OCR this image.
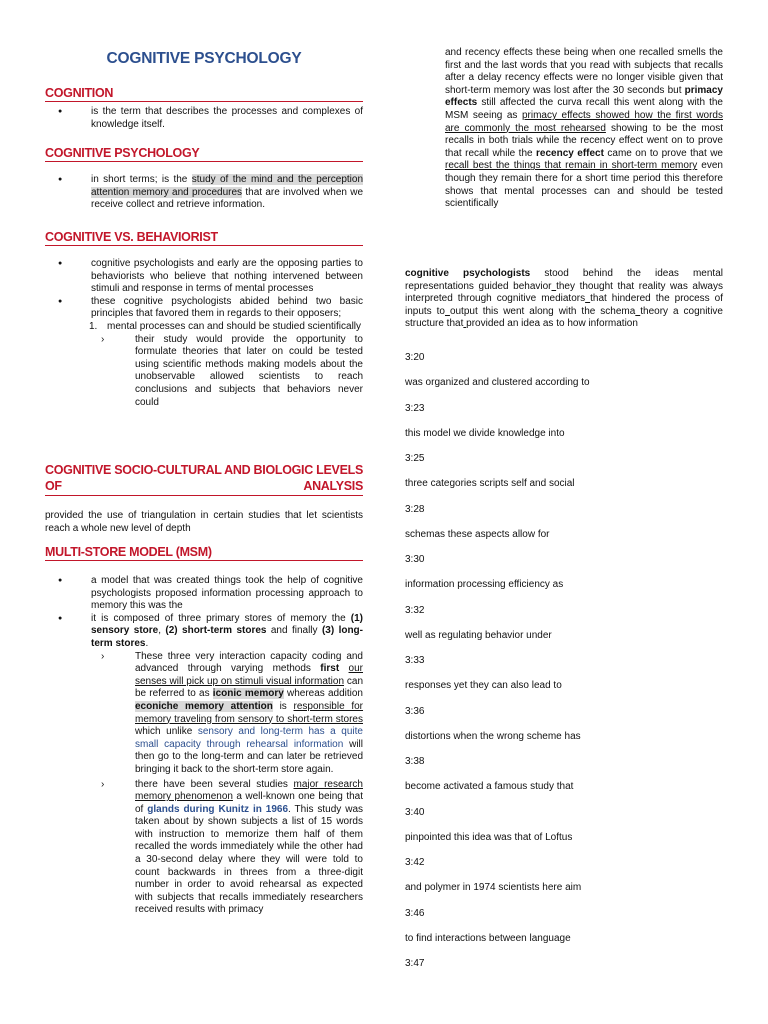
COGNITIVE PSYCHOLOGY
COGNITION
● is the term that describes the processes and complexes of knowledge itself.
COGNITIVE PSYCHOLOGY
● in short terms; is the study of the mind and the perception attention memory and procedures that are involved when we receive collect and retrieve information.
COGNITIVE VS. BEHAVIORIST
● cognitive psychologists and early are the opposing parties to behaviorists who believe that nothing intervened between stimuli and response in terms of mental processes
● these cognitive psychologists abided behind two basic principles that favored them in regards to their opposers;
1. mental processes can and should be studied scientifically
›	their study would provide the opportunity to formulate theories that later on could be tested using scientific methods making models about the unobservable allowed scientists to reach conclusions and subjects that behaviors never could
COGNITIVE SOCIO-CULTURAL AND BIOLOGIC LEVELS OF ANALYSIS

provided the use of triangulation in certain studies that let scientists reach a whole new level of depth

MULTI-STORE MODEL (MSM)
● a model that was created things took the help of cognitive psychologists proposed information processing approach to memory this was the
● it is composed of three primary stores of memory the (1) sensory store, (2) short-term stores and finally (3) long-term stores.
›	These three very interaction capacity coding and advanced through varying methods first our senses will pick up on stimuli visual information can be referred to as iconic memory whereas addition econiche memory attention is responsible for memory traveling from sensory to short-term stores which unlike sensory and long-term has a quite small capacity through rehearsal information will then go to the long-term and can later be retrieved bringing it back to the short-term store again.
›	there have been several studies major research memory phenomenon a well-known one being that of glands during Kunitz in 1966. This study was taken about by shown subjects a list of 15 words with instruction to memorize them half of them recalled the words immediately while the other had a 30-second delay where they will were told to count backwards in threes from a three-digit number in order to avoid rehearsal as expected with subjects that recalls immediately researchers received results with primacy

and recency effects these being when one recalled smells the first and the last words that you read with subjects that recalls after a delay recency effects were no longer visible given that short-term memory was lost after the 30 seconds but primacy effects still affected the curva recall this went along with the MSM seeing as primacy effects showed how the first words are commonly the most rehearsed showing to be the most recalls in both trials while the recency effect went on to prove that recall while the recency effect came on to prove that we recall best the things that remain in short-term memory even though they remain there for a short time period this therefore shows that mental processes can and should be tested scientifically

cognitive psychologists stood behind the ideas mental representations guided behavior they thought that reality was always interpreted through cognitive mediators that hindered the process of inputs to output this went along with the schema theory a cognitive structure that provided an idea as to how information

3:20
was organized and clustered according to
3:23
this model we divide knowledge into
3:25
three categories scripts self and social
3:28
schemas these aspects allow for
3:30
information processing efficiency as
3:32
well as regulating behavior under
3:33
responses yet they can also lead to
3:36
distortions when the wrong scheme has
3:38
become activated a famous study that
3:40
pinpointed this idea was that of Loftus
3:42
and polymer in 1974 scientists here aim
3:46
to find interactions between language
3:47
